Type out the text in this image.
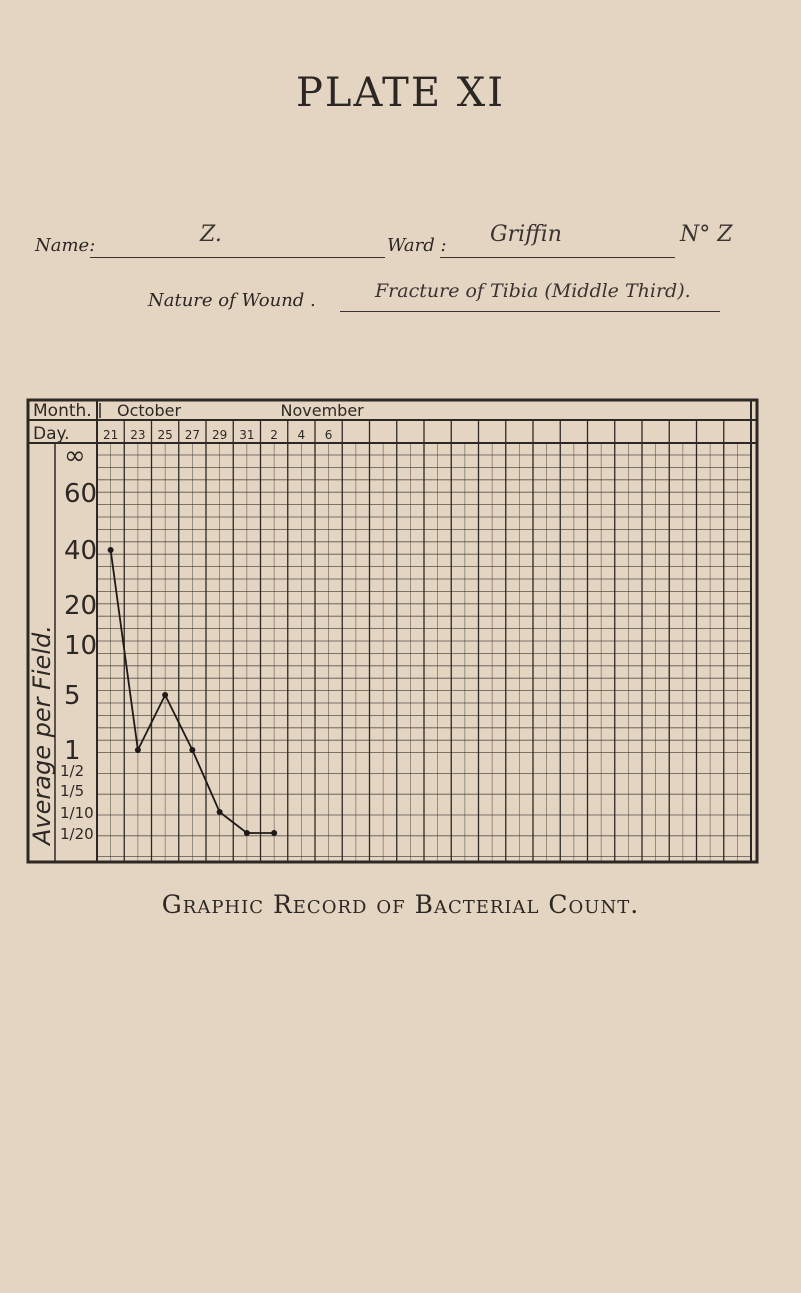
PLATE XI
Name:	Z.	Ward : Griffin	N° Z
Nature of Wound .	Fracture of Tibia (Middle Third).
Month.
Day.
October	November
21 23 25 27 29 31 2 4 6
∞
60
40
20
10
5
1
1/2
1/5
1/10
1/20
Average per Field.
Graphic Record of Bacterial Count.
